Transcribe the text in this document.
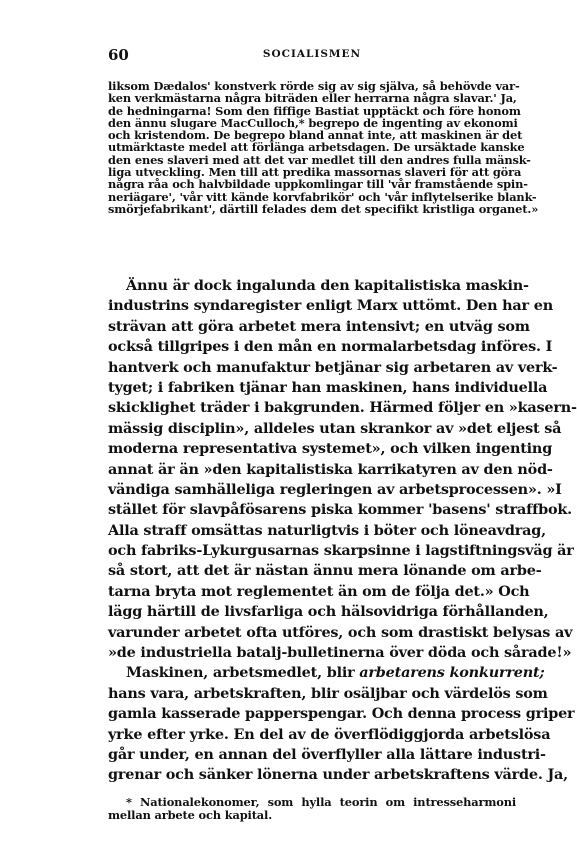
60	SOCIALISMEN
liksom Dædalos' konstverk rörde sig av sig själva, så behövde var-
ken verkmästarna några biträden eller herrarna några slavar.' Ja,
de hedningarna! Som den fiffige Bastiat upptäckt och före honom
den ännu slugare MacCulloch,* begrepo de ingenting av ekonomi
och kristendom. De begrepo bland annat inte, att maskinen är det
utmärktaste medel att förlänga arbetsdagen. De ursäktade kanske
den enes slaveri med att det var medlet till den andres fulla mänsk-
liga utveckling. Men till att predika massornas slaveri för att göra
några råa och halvbildade uppkomlingar till 'vår framstående spin-
neriägare', 'vår vitt kände korvfabrikör' och 'vår inflytelserike blank-
smörjefabrikant', därtill felades dem det specifikt kristliga organet.»
Ännu är dock ingalunda den kapitalistiska maskin-
industrins syndaregister enligt Marx uttömt. Den har en
strävan att göra arbetet mera intensivt; en utväg som
också tillgripes i den mån en normalarbetsdag införes. I
hantverk och manufaktur betjänar sig arbetaren av verk-
tyget; i fabriken tjänar han maskinen, hans individuella
skicklighet träder i bakgrunden. Härmed följer en »kasern-
mässig disciplin», alldeles utan skrankor av »det eljest så
moderna representativa systemet», och vilken ingenting
annat är än »den kapitalistiska karrikatyren av den nöd-
vändiga samhälleliga regleringen av arbetsprocessen». »I
stället för slavpåfösarens piska kommer 'basens' straffbok.
Alla straff omsättas naturligtvis i böter och löneavdrag,
och fabriks-Lykurgusarnas skarpsinne i lagstiftningsväg är
så stort, att det är nästan ännu mera lönande om arbe-
tarna bryta mot reglementet än om de följa det.» Och
lägg härtill de livsfarliga och hälsovidriga förhållanden,
varunder arbetet ofta utföres, och som drastiskt belysas av
»de industriella batalj-bulletinerna över döda och sårade!»
Maskinen, arbetsmedlet, blir arbetarens konkurrent;
hans vara, arbetskraften, blir osäljbar och värdelös som
gamla kasserade papperspengar. Och denna process griper
yrke efter yrke. En del av de överflödiggjorda arbetslösa
går under, en annan del överflyller alla lättare industri-
grenar och sänker lönerna under arbetskraftens värde. Ja,
* Nationalekonomer, som hylla teorin om intresseharmoni
mellan arbete och kapital.
